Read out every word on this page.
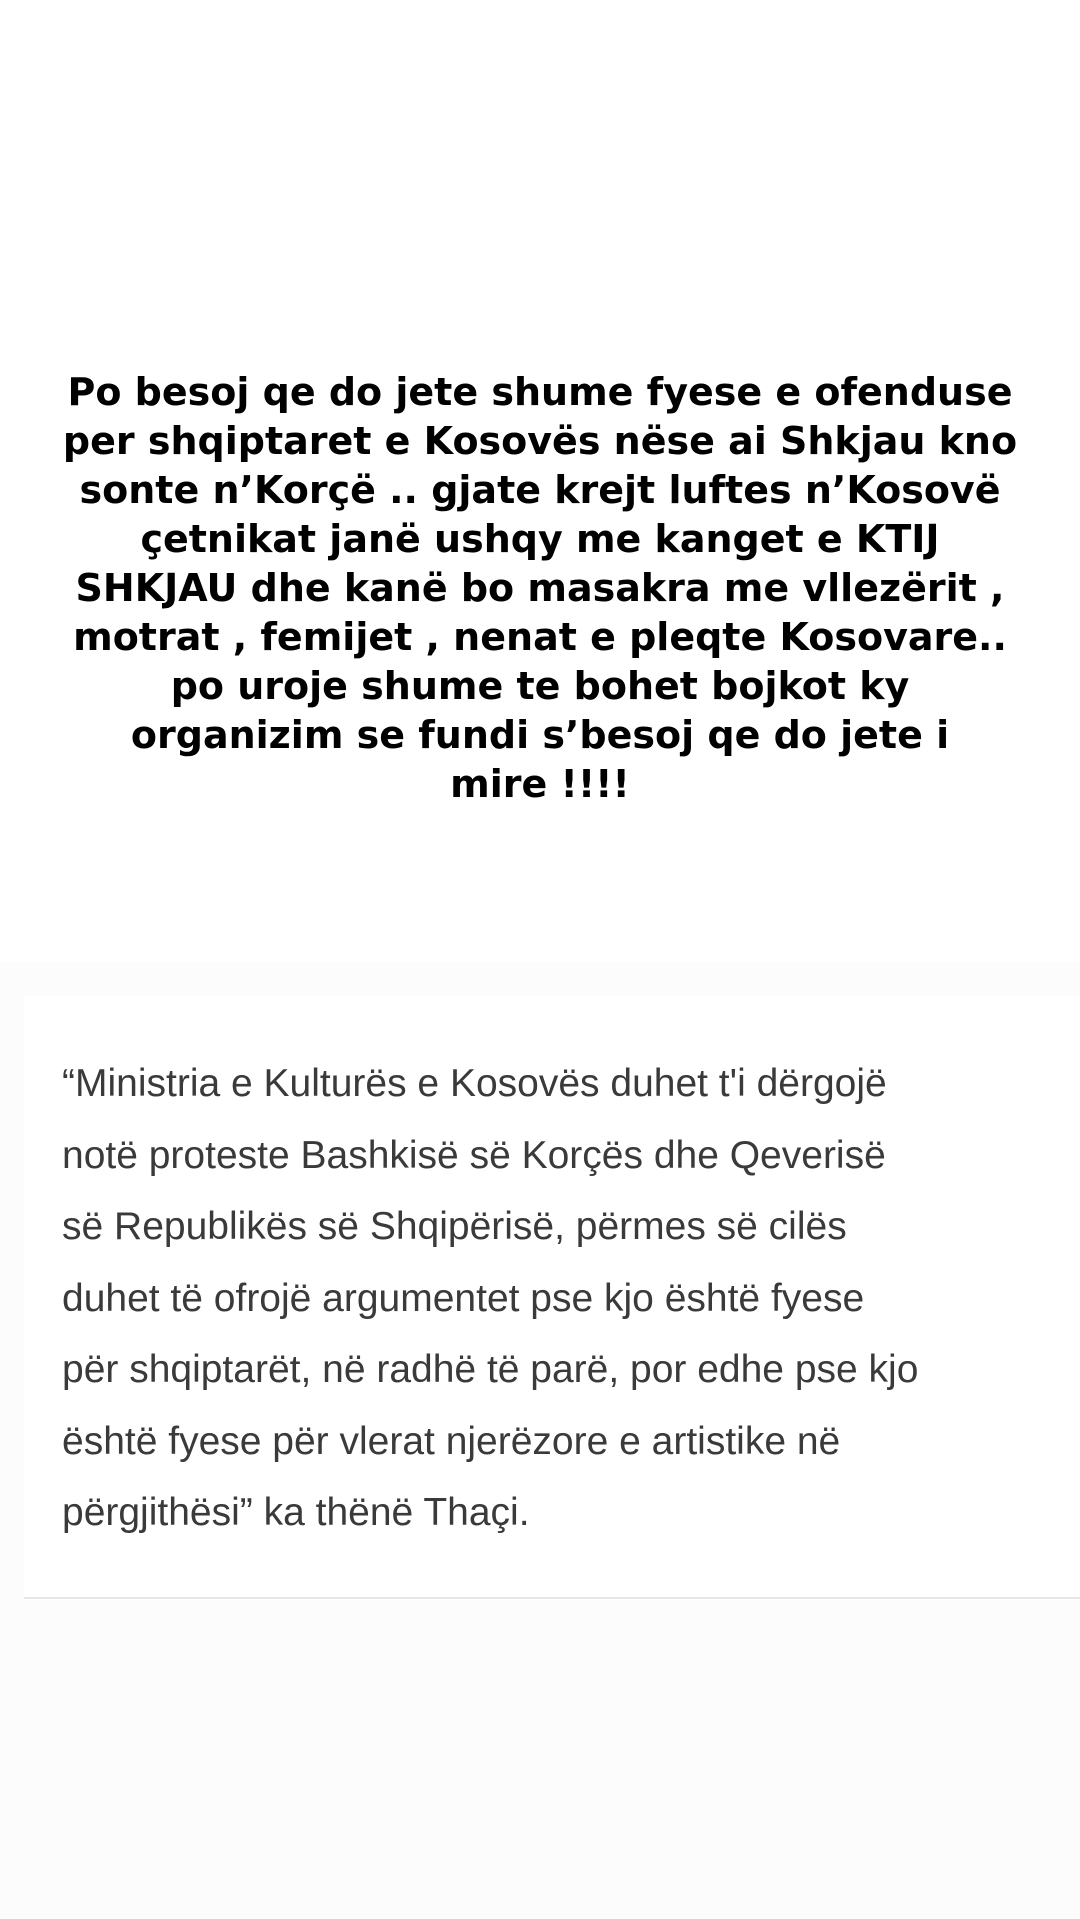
Po besoj qe do jete shume fyese e ofenduse
per shqiptaret e Kosovës nëse ai Shkjau kno
sonte n’Korçë .. gjate krejt luftes n’Kosovë
çetnikat janë ushqy me kanget e KTIJ
SHKJAU dhe kanë bo masakra me vllezërit ,
motrat , femijet , nenat e pleqte Kosovare..
po uroje shume te bohet bojkot ky
organizim se fundi s’besoj qe do jete i
mire !!!!

“Ministria e Kulturës e Kosovës duhet t'i dërgojë
notë proteste Bashkisë së Korçës dhe Qeverisë
së Republikës së Shqipërisë, përmes së cilës
duhet të ofrojë argumentet pse kjo është fyese
për shqiptarët, në radhë të parë, por edhe pse kjo
është fyese për vlerat njerëzore e artistike në
përgjithësi” ka thënë Thaçi.
